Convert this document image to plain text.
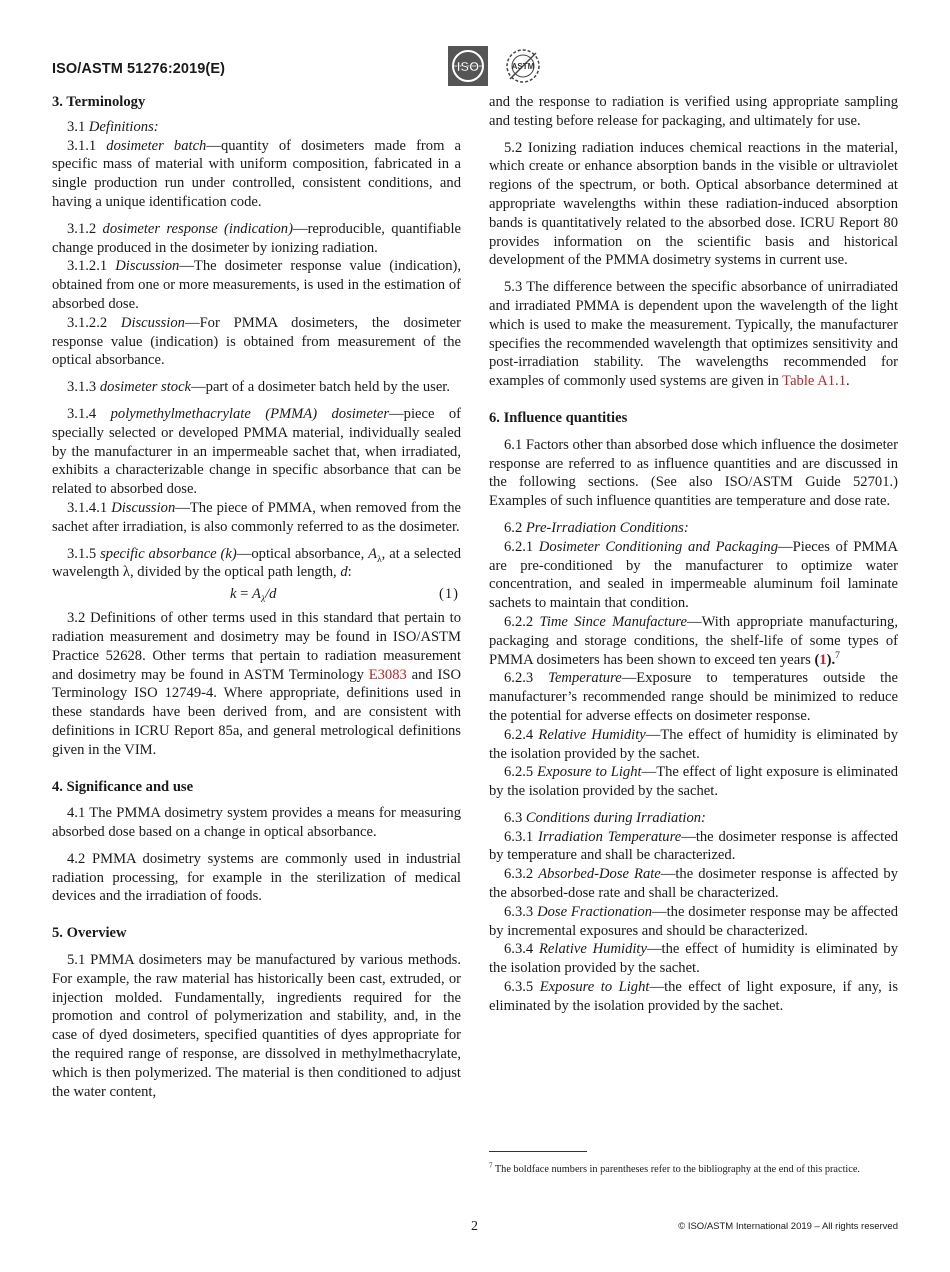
ISO/ASTM 51276:2019(E)	ISO	ASTM
3. Terminology

3.1 Definitions:

3.1.1 dosimeter batch—quantity of dosimeters made from a specific mass of material with uniform composition, fabricated in a single production run under controlled, consistent conditions, and having a unique identification code.

3.1.2 dosimeter response (indication)—reproducible, quantifiable change produced in the dosimeter by ionizing radiation.

3.1.2.1 Discussion—The dosimeter response value (indication), obtained from one or more measurements, is used in the estimation of absorbed dose.

3.1.2.2 Discussion—For PMMA dosimeters, the dosimeter response value (indication) is obtained from measurement of the optical absorbance.

3.1.3 dosimeter stock—part of a dosimeter batch held by the user.

3.1.4 polymethylmethacrylate (PMMA) dosimeter—piece of specially selected or developed PMMA material, individually sealed by the manufacturer in an impermeable sachet that, when irradiated, exhibits a characterizable change in specific absorbance that can be related to absorbed dose.

3.1.4.1 Discussion—The piece of PMMA, when removed from the sachet after irradiation, is also commonly referred to as the dosimeter.

3.1.5 specific absorbance (k)—optical absorbance, $A_\lambda$, at a selected wavelength λ, divided by the optical path length, d:

$k = A_\lambda/d$	(1)

3.2 Definitions of other terms used in this standard that pertain to radiation measurement and dosimetry may be found in ISO/ASTM Practice 52628. Other terms that pertain to radiation measurement and dosimetry may be found in ASTM Terminology E3083 and ISO Terminology ISO 12749-4. Where appropriate, definitions used in these standards have been derived from, and are consistent with definitions in ICRU Report 85a, and general metrological definitions given in the VIM.

4. Significance and use

4.1 The PMMA dosimetry system provides a means for measuring absorbed dose based on a change in optical absorbance.

4.2 PMMA dosimetry systems are commonly used in industrial radiation processing, for example in the sterilization of medical devices and the irradiation of foods.

5. Overview

5.1 PMMA dosimeters may be manufactured by various methods. For example, the raw material has historically been cast, extruded, or injection molded. Fundamentally, ingredients required for the promotion and control of polymerization and stability, and, in the case of dyed dosimeters, specified quantities of dyes appropriate for the required range of response, are dissolved in methylmethacrylate, which is then polymerized. The material is then conditioned to adjust the water content,

and the response to radiation is verified using appropriate sampling and testing before release for packaging, and ultimately for use.

5.2 Ionizing radiation induces chemical reactions in the material, which create or enhance absorption bands in the visible or ultraviolet regions of the spectrum, or both. Optical absorbance determined at appropriate wavelengths within these radiation-induced absorption bands is quantitatively related to the absorbed dose. ICRU Report 80 provides information on the scientific basis and historical development of the PMMA dosimetry systems in current use.

5.3 The difference between the specific absorbance of unirradiated and irradiated PMMA is dependent upon the wavelength of the light which is used to make the measurement. Typically, the manufacturer specifies the recommended wavelength that optimizes sensitivity and post-irradiation stability. The wavelengths recommended for examples of commonly used systems are given in Table A1.1.

6. Influence quantities

6.1 Factors other than absorbed dose which influence the dosimeter response are referred to as influence quantities and are discussed in the following sections. (See also ISO/ASTM Guide 52701.) Examples of such influence quantities are temperature and dose rate.

6.2 Pre-Irradiation Conditions:

6.2.1 Dosimeter Conditioning and Packaging—Pieces of PMMA are pre-conditioned by the manufacturer to optimize water concentration, and sealed in impermeable aluminum foil laminate sachets to maintain that condition.

6.2.2 Time Since Manufacture—With appropriate manufacturing, packaging and storage conditions, the shelf-life of some types of PMMA dosimeters has been shown to exceed ten years (1).$^7$

6.2.3 Temperature—Exposure to temperatures outside the manufacturer’s recommended range should be minimized to reduce the potential for adverse effects on dosimeter response.

6.2.4 Relative Humidity—The effect of humidity is eliminated by the isolation provided by the sachet.

6.2.5 Exposure to Light—The effect of light exposure is eliminated by the isolation provided by the sachet.

6.3 Conditions during Irradiation:

6.3.1 Irradiation Temperature—the dosimeter response is affected by temperature and shall be characterized.

6.3.2 Absorbed-Dose Rate—the dosimeter response is affected by the absorbed-dose rate and shall be characterized.

6.3.3 Dose Fractionation—the dosimeter response may be affected by incremental exposures and should be characterized.

6.3.4 Relative Humidity—the effect of humidity is eliminated by the isolation provided by the sachet.

6.3.5 Exposure to Light—the effect of light exposure, if any, is eliminated by the isolation provided by the sachet.

$^7$ The boldface numbers in parentheses refer to the bibliography at the end of this practice.
2	© ISO/ASTM International 2019 – All rights reserved
